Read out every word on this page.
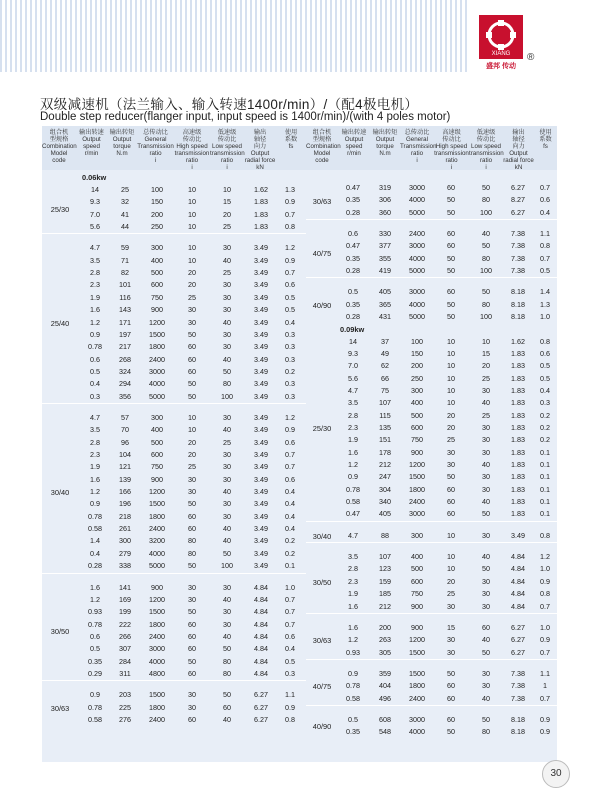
XIANG
盛邦 传动
®
双级减速机（法兰输入、输入转速1400r/min）/（配4极电机）
Double step reducer(flanger input, input speed is 1400r/min)/(with 4 poles motor)
组合机
型规格
Combination
Model
code
输出转速
Output
speed
r/min
输出转矩
Output
torque
N.m
总传动比
General
Transmission
ratio
i
高速级
传动比
High speed
transmission
ratio
i
低速级
传动比
Low speed
transmission
ratio
i
输出
轴径
向力
Output
radial force
kN
使用
系数
fs
0.06kw
14	25	100	10	10	1.62	1.3
9.3	32	150	10	15	1.83	0.9
7.0	41	200	10	20	1.83	0.7
5.6	44	250	10	25	1.83	0.8
25/30
4.7	59	300	10	30	3.49	1.2
3.5	71	400	10	40	3.49	0.9
2.8	82	500	20	25	3.49	0.7
2.3	101	600	20	30	3.49	0.6
1.9	116	750	25	30	3.49	0.5
1.6	143	900	30	30	3.49	0.5
1.2	171	1200	30	40	3.49	0.4
0.9	197	1500	50	30	3.49	0.3
0.78	217	1800	60	30	3.49	0.3
0.6	268	2400	60	40	3.49	0.3
0.5	324	3000	60	50	3.49	0.2
0.4	294	4000	50	80	3.49	0.3
0.3	356	5000	50	100	3.49	0.3
25/40
4.7	57	300	10	30	3.49	1.2
3.5	70	400	10	40	3.49	0.9
2.8	96	500	20	25	3.49	0.6
2.3	104	600	20	30	3.49	0.7
1.9	121	750	25	30	3.49	0.7
1.6	139	900	30	30	3.49	0.6
1.2	166	1200	30	40	3.49	0.4
0.9	196	1500	50	30	3.49	0.4
0.78	218	1800	60	30	3.49	0.4
0.58	261	2400	60	40	3.49	0.4
1.4	300	3200	80	40	3.49	0.2
0.4	279	4000	80	50	3.49	0.2
0.28	338	5000	50	100	3.49	0.1
30/40
1.6	141	900	30	30	4.84	1.0
1.2	169	1200	30	40	4.84	0.7
0.93	199	1500	50	30	4.84	0.7
0.78	222	1800	60	30	4.84	0.7
0.6	266	2400	60	40	4.84	0.6
0.5	307	3000	60	50	4.84	0.4
0.35	284	4000	50	80	4.84	0.5
0.29	311	4800	60	80	4.84	0.3
30/50
0.9	203	1500	30	50	6.27	1.1
0.78	225	1800	30	60	6.27	0.9
0.58	276	2400	60	40	6.27	0.8
30/63
组合机
型规格
Combination
Model
code
输出转速
Output
speed
r/min
输出转矩
Output
torque
N.m
总传动比
General
Transmission
ratio
i
高速级
传动比
High speed
transmission
ratio
i
低速级
传动比
Low speed
transmission
ratio
i
输出
轴径
向力
Output
radial force
kN
使用
系数
fs
0.47	319	3000	60	50	6.27	0.7
0.35	306	4000	50	80	8.27	0.6
0.28	360	5000	50	100	6.27	0.4
30/63
0.6	330	2400	60	40	7.38	1.1
0.47	377	3000	60	50	7.38	0.8
0.35	355	4000	50	80	7.38	0.7
0.28	419	5000	50	100	7.38	0.5
40/75
0.5	405	3000	60	50	8.18	1.4
0.35	365	4000	50	80	8.18	1.3
0.28	431	5000	50	100	8.18	1.0
40/90
0.09kw
14	37	100	10	10	1.62	0.8
9.3	49	150	10	15	1.83	0.6
7.0	62	200	10	20	1.83	0.5
5.6	66	250	10	25	1.83	0.5
4.7	75	300	10	30	1.83	0.4
3.5	107	400	10	40	1.83	0.3
2.8	115	500	20	25	1.83	0.2
2.3	135	600	20	30	1.83	0.2
1.9	151	750	25	30	1.83	0.2
1.6	178	900	30	30	1.83	0.1
1.2	212	1200	30	40	1.83	0.1
0.9	247	1500	50	30	1.83	0.1
0.78	304	1800	60	30	1.83	0.1
0.58	340	2400	60	40	1.83	0.1
0.47	405	3000	60	50	1.83	0.1
25/30
4.7	88	300	10	30	3.49	0.8
30/40
3.5	107	400	10	40	4.84	1.2
2.8	123	500	10	50	4.84	1.0
2.3	159	600	20	30	4.84	0.9
1.9	185	750	25	30	4.84	0.8
1.6	212	900	30	30	4.84	0.7
30/50
1.6	200	900	15	60	6.27	1.0
1.2	263	1200	30	40	6.27	0.9
0.93	305	1500	30	50	6.27	0.7
30/63
0.9	359	1500	50	30	7.38	1.1
0.78	404	1800	60	30	7.38	1
0.58	496	2400	60	40	7.38	0.7
40/75
0.5	608	3000	60	50	8.18	0.9
0.35	548	4000	50	80	8.18	0.9
40/90
30
